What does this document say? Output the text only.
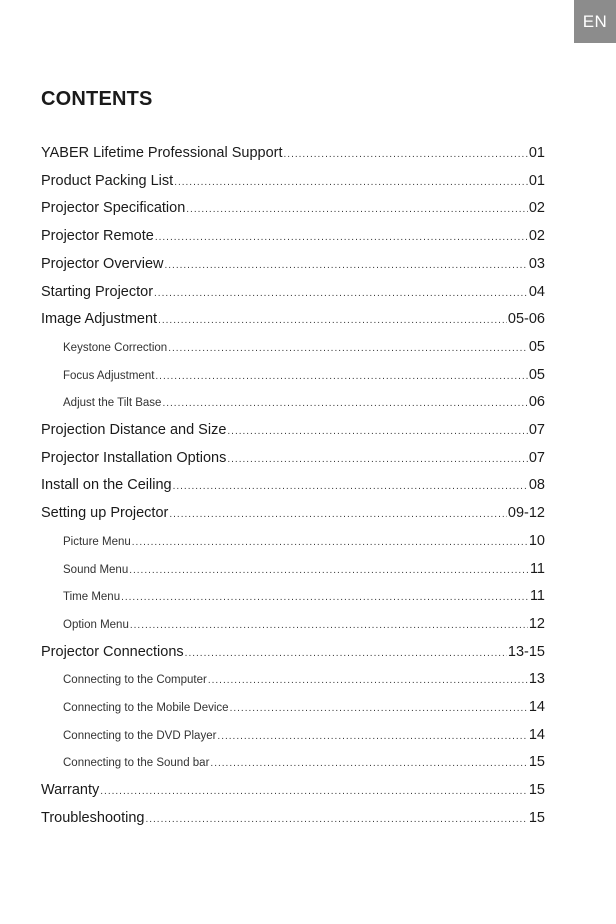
EN
CONTENTS
YABER Lifetime Professional Support .....	01
Product Packing List .....	01
Projector Specification .....	02
Projector Remote .....	02
Projector Overview .....	03
Starting Projector .....	04
Image Adjustment .....	05-06
Keystone Correction .....	05
Focus Adjustment .....	05
Adjust the Tilt Base .....	06
Projection Distance and Size .....	07
Projector Installation Options .....	07
Install on the Ceiling .....	08
Setting up Projector .....	09-12
Picture Menu .....	10
Sound Menu .....	11
Time Menu .....	11
Option Menu .....	12
Projector Connections .....	13-15
Connecting to the Computer .....	13
Connecting to the Mobile Device .....	14
Connecting to the DVD Player .....	14
Connecting to the Sound bar .....	15
Warranty .....	15
Troubleshooting .....	15
